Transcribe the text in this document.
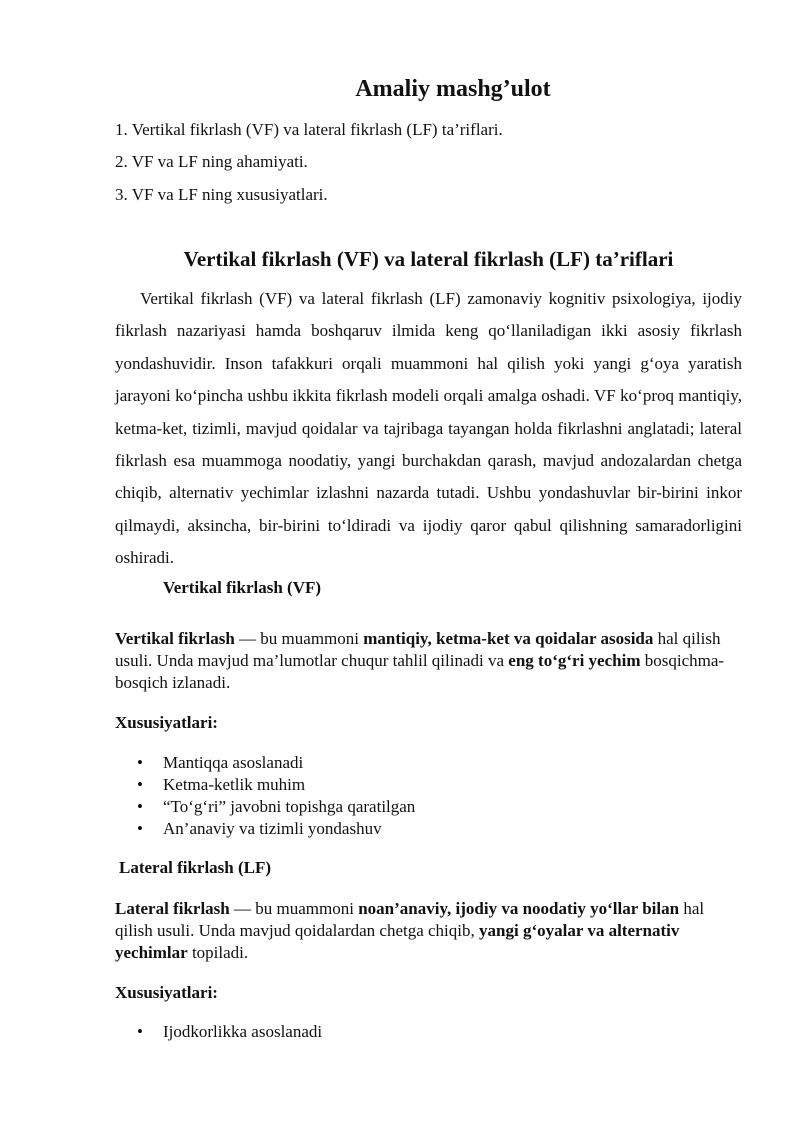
Amaliy mashg’ulot

1. Vertikal fikrlash (VF) va lateral fikrlash (LF) ta’riflari.

2. VF va LF ning ahamiyati.

3. VF va LF ning xususiyatlari.

Vertikal fikrlash (VF) va lateral fikrlash (LF) ta’riflari

Vertikal fikrlash (VF) va lateral fikrlash (LF) zamonaviy kognitiv psixologiya, ijodiy fikrlash nazariyasi hamda boshqaruv ilmida keng qo‘llaniladigan ikki asosiy fikrlash yondashuvidir. Inson tafakkuri orqali muammoni hal qilish yoki yangi g‘oya yaratish jarayoni ko‘pincha ushbu ikkita fikrlash modeli orqali amalga oshadi. VF ko‘proq mantiqiy, ketma-ket, tizimli, mavjud qoidalar va tajribaga tayangan holda fikrlashni anglatadi; lateral fikrlash esa muammoga noodatiy, yangi burchakdan qarash, mavjud andozalardan chetga chiqib, alternativ yechimlar izlashni nazarda tutadi. Ushbu yondashuvlar bir-birini inkor qilmaydi, aksincha, bir-birini to‘ldiradi va ijodiy qaror qabul qilishning samaradorligini oshiradi.

Vertikal fikrlash (VF)

Vertikal fikrlash — bu muammoni mantiqiy, ketma-ket va qoidalar asosida hal qilish usuli. Unda mavjud ma’lumotlar chuqur tahlil qilinadi va eng to‘g‘ri yechim bosqichma-bosqich izlanadi.

Xususiyatlari:

• Mantiqqa asoslanadi
• Ketma-ketlik muhim
• “To‘g‘ri” javobni topishga qaratilgan
• An’anaviy va tizimli yondashuv

Lateral fikrlash (LF)

Lateral fikrlash — bu muammoni noan’anaviy, ijodiy va noodatiy yo‘llar bilan hal qilish usuli. Unda mavjud qoidalardan chetga chiqib, yangi g‘oyalar va alternativ yechimlar topiladi.

Xususiyatlari:

• Ijodkorlikka asoslanadi
